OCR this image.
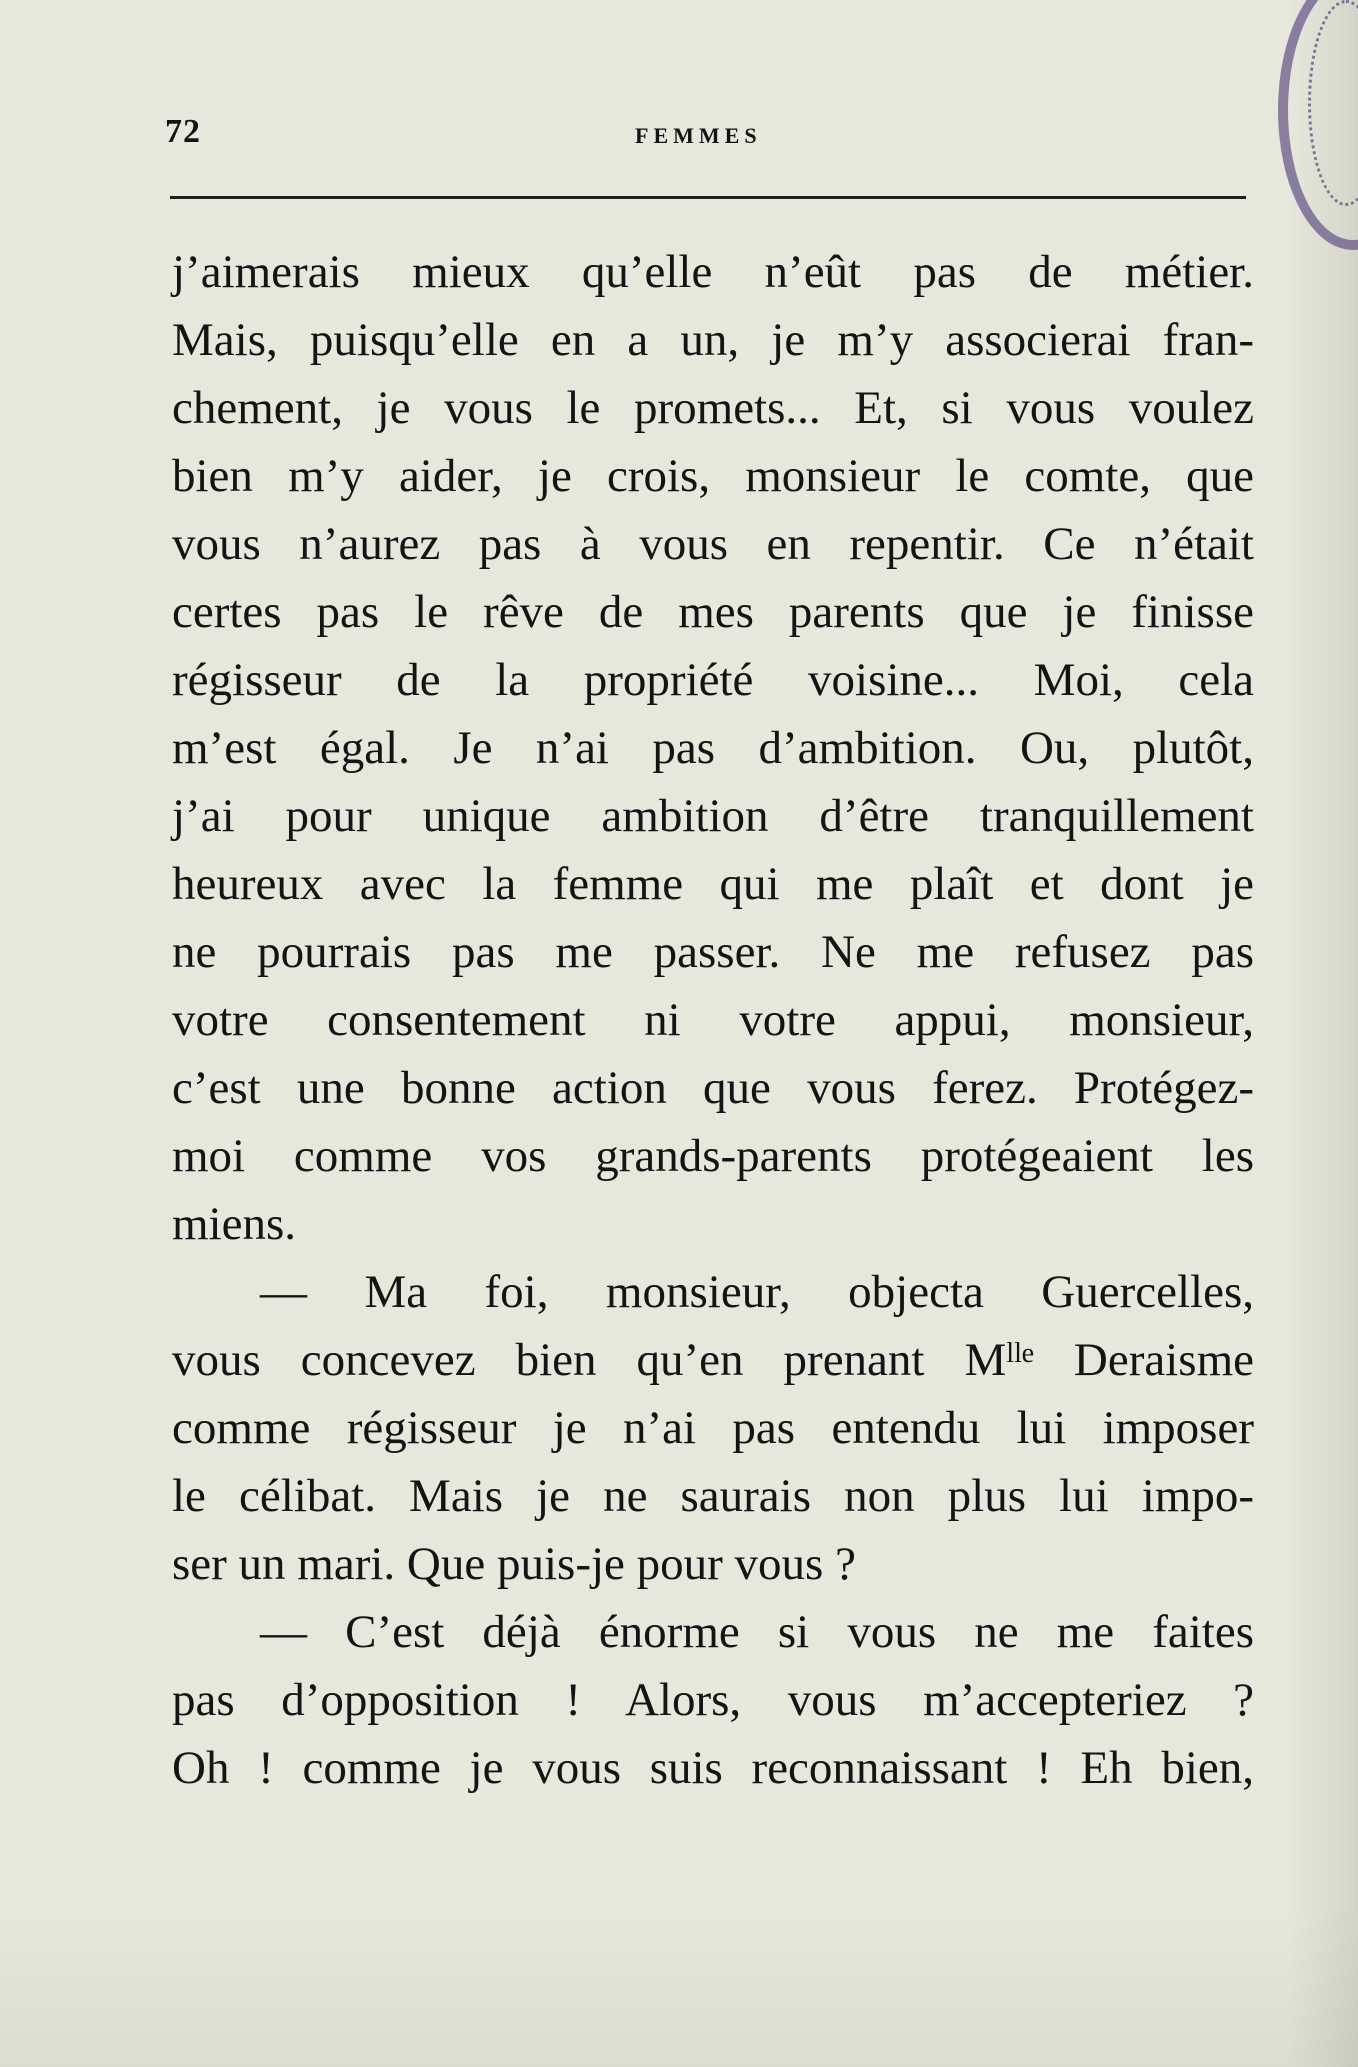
72	FEMMES
j’aimerais mieux qu’elle n’eût pas de métier.
Mais, puisqu’elle en a un, je m’y associerai fran-
chement, je vous le promets... Et, si vous voulez
bien m’y aider, je crois, monsieur le comte, que
vous n’aurez pas à vous en repentir. Ce n’était
certes pas le rêve de mes parents que je finisse
régisseur de la propriété voisine... Moi, cela
m’est égal. Je n’ai pas d’ambition. Ou, plutôt,
j’ai pour unique ambition d’être tranquillement
heureux avec la femme qui me plaît et dont je
ne pourrais pas me passer. Ne me refusez pas
votre consentement ni votre appui, monsieur,
c’est une bonne action que vous ferez. Protégez-
moi comme vos grands-parents protégeaient les
miens.
— Ma foi, monsieur, objecta Guercelles,
vous concevez bien qu’en prenant Mˡˡᵉ Deraisme
comme régisseur je n’ai pas entendu lui imposer
le célibat. Mais je ne saurais non plus lui impo-
ser un mari. Que puis-je pour vous ?
— C’est déjà énorme si vous ne me faites
pas d’opposition ! Alors, vous m’accepteriez ?
Oh ! comme je vous suis reconnaissant ! Eh bien,
